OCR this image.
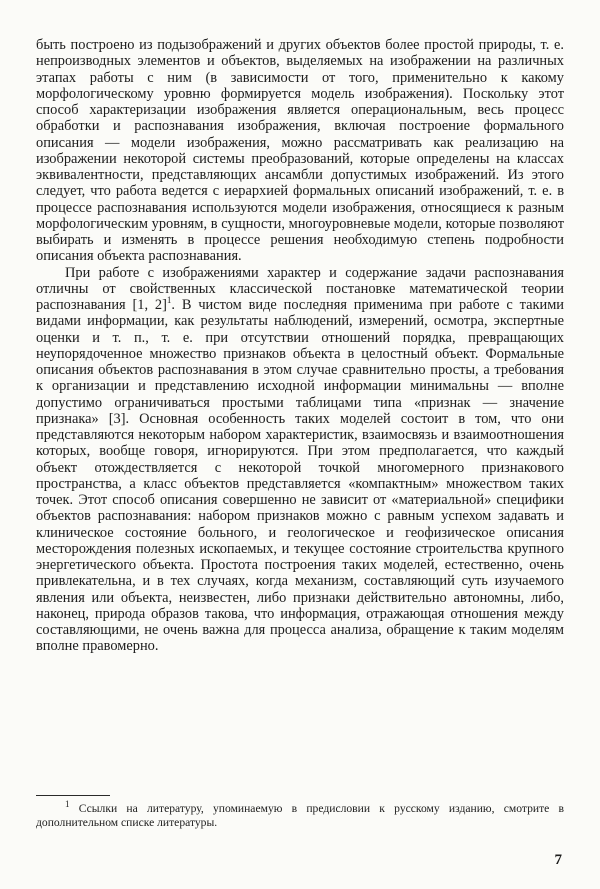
быть построено из подызображений и других объектов более простой природы, т. е. непроизводных элементов и объектов, выделяемых на изображении на различных этапах работы с ним (в зависимости от того, применительно к какому морфологическому уровню формируется модель изображения). Поскольку этот способ характеризации изображения является операциональным, весь процесс обработки и распознавания изображения, включая построение формального описания — модели изображения, можно рассматривать как реализацию на изображении некоторой системы преобразований, которые определены на классах эквивалентности, представляющих ансамбли допустимых изображений. Из этого следует, что работа ведется с иерархией формальных описаний изображений, т. е. в процессе распознавания используются модели изображения, относящиеся к разным морфологическим уровням, в сущности, многоуровневые модели, которые позволяют выбирать и изменять в процессе решения необходимую степень подробности описания объекта распознавания.

При работе с изображениями характер и содержание задачи распознавания отличны от свойственных классической постановке математической теории распознавания [1, 2]$^1$. В чистом виде последняя применима при работе с такими видами информации, как результаты наблюдений, измерений, осмотра, экспертные оценки и т. п., т. е. при отсутствии отношений порядка, превращающих неупорядоченное множество признаков объекта в целостный объект. Формальные описания объектов распознавания в этом случае сравнительно просты, а требования к организации и представлению исходной информации минимальны — вполне допустимо ограничиваться простыми таблицами типа «признак — значение признака» [3]. Основная особенность таких моделей состоит в том, что они представляются некоторым набором характеристик, взаимосвязь и взаимоотношения которых, вообще говоря, игнорируются. При этом предполагается, что каждый объект отождествляется с некоторой точкой многомерного признакового пространства, а класс объектов представляется «компактным» множеством таких точек. Этот способ описания совершенно не зависит от «материальной» специфики объектов распознавания: набором признаков можно с равным успехом задавать и клиническое состояние больного, и геологическое и геофизическое описания месторождения полезных ископаемых, и текущее состояние строительства крупного энергетического объекта. Простота построения таких моделей, естественно, очень привлекательна, и в тех случаях, когда механизм, составляющий суть изучаемого явления или объекта, неизвестен, либо признаки действительно автономны, либо, наконец, природа образов такова, что информация, отражающая отношения между составляющими, не очень важна для процесса анализа, обращение к таким моделям вполне правомерно.

$^1$ Ссылки на литературу, упоминаемую в предисловии к русскому изданию, смотрите в дополнительном списке литературы.
7
